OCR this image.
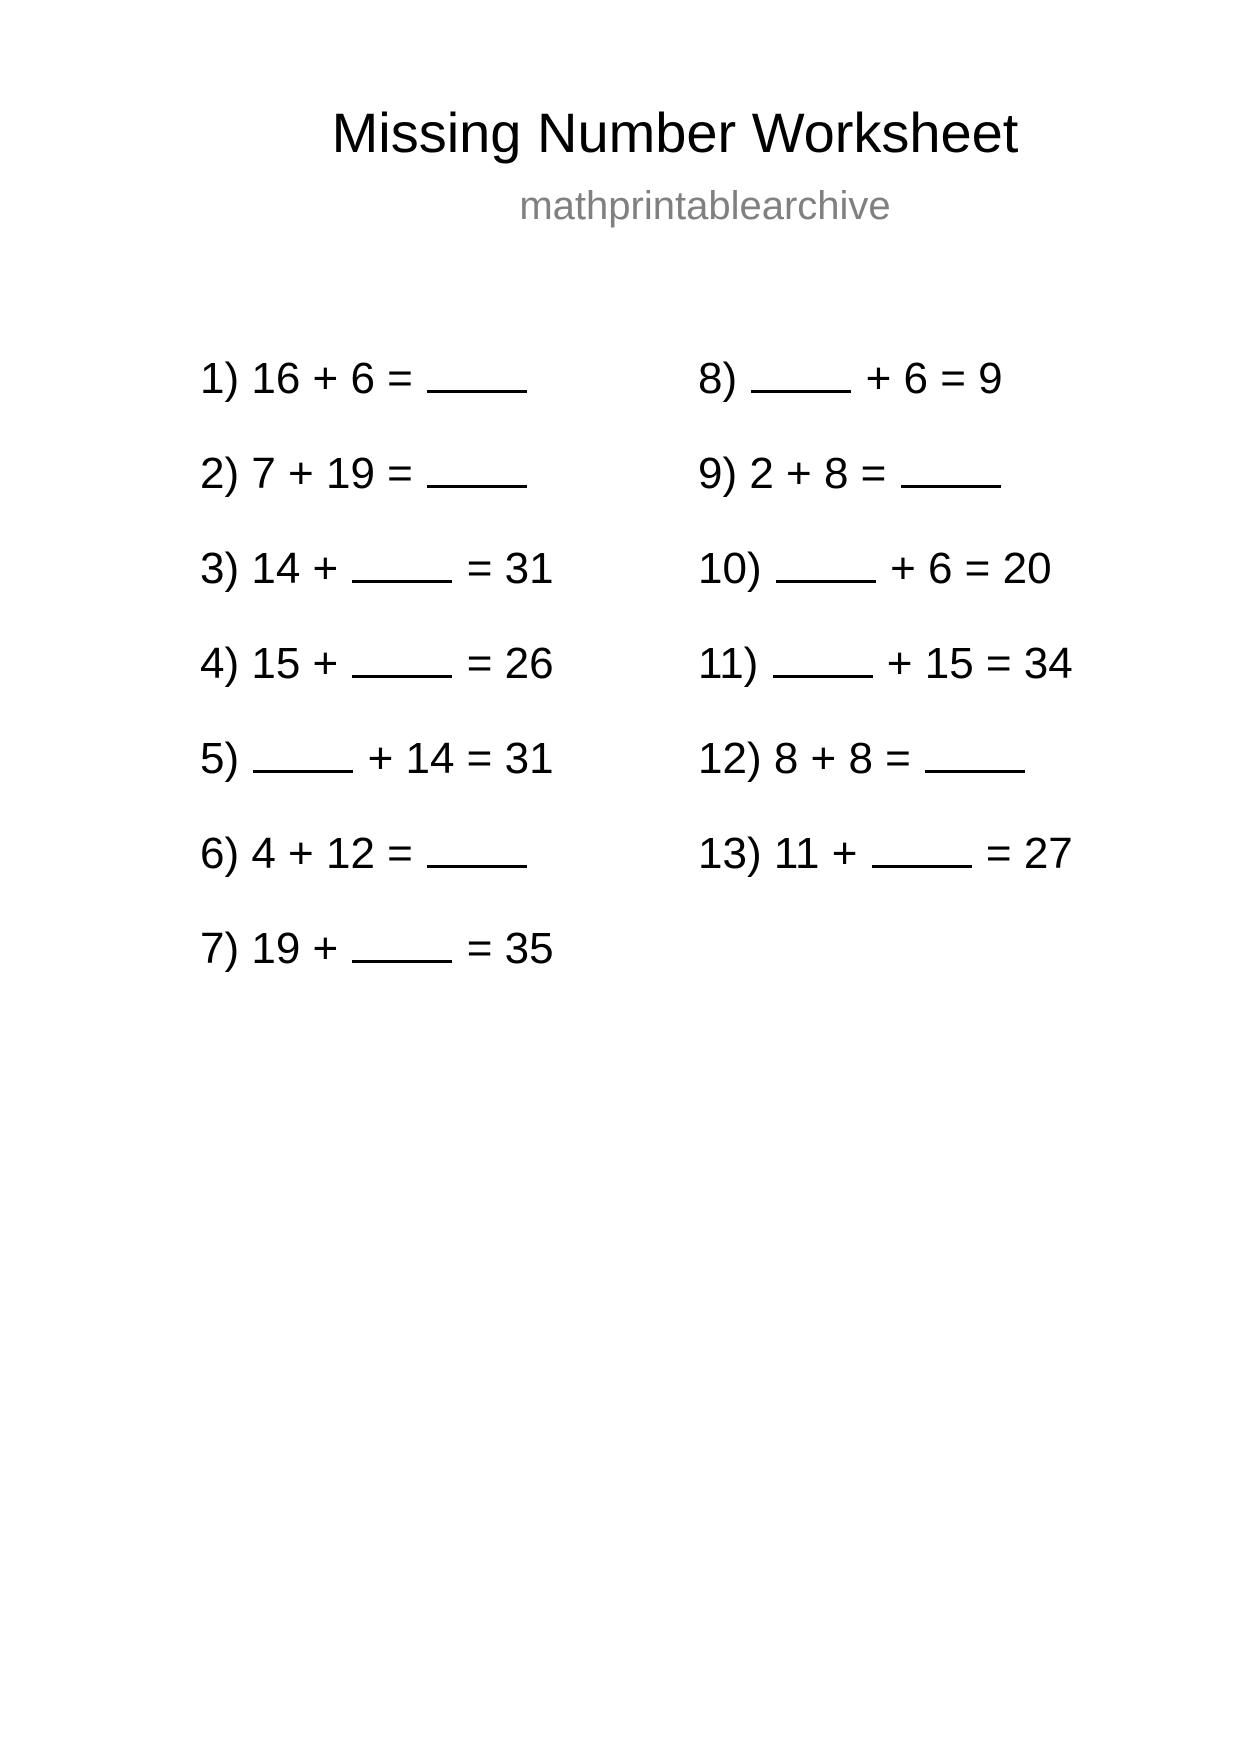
Missing Number Worksheet
mathprintablearchive
1) 16 + 6 =
2) 7 + 19 =
3) 14 +	= 31
4) 15 +	= 26
5)	+ 14 = 31
6) 4 + 12 =
7) 19 +	= 35
8)	+ 6 = 9
9) 2 + 8 =
10)	+ 6 = 20
11)	+ 15 = 34
12) 8 + 8 =
13) 11 +	= 27
